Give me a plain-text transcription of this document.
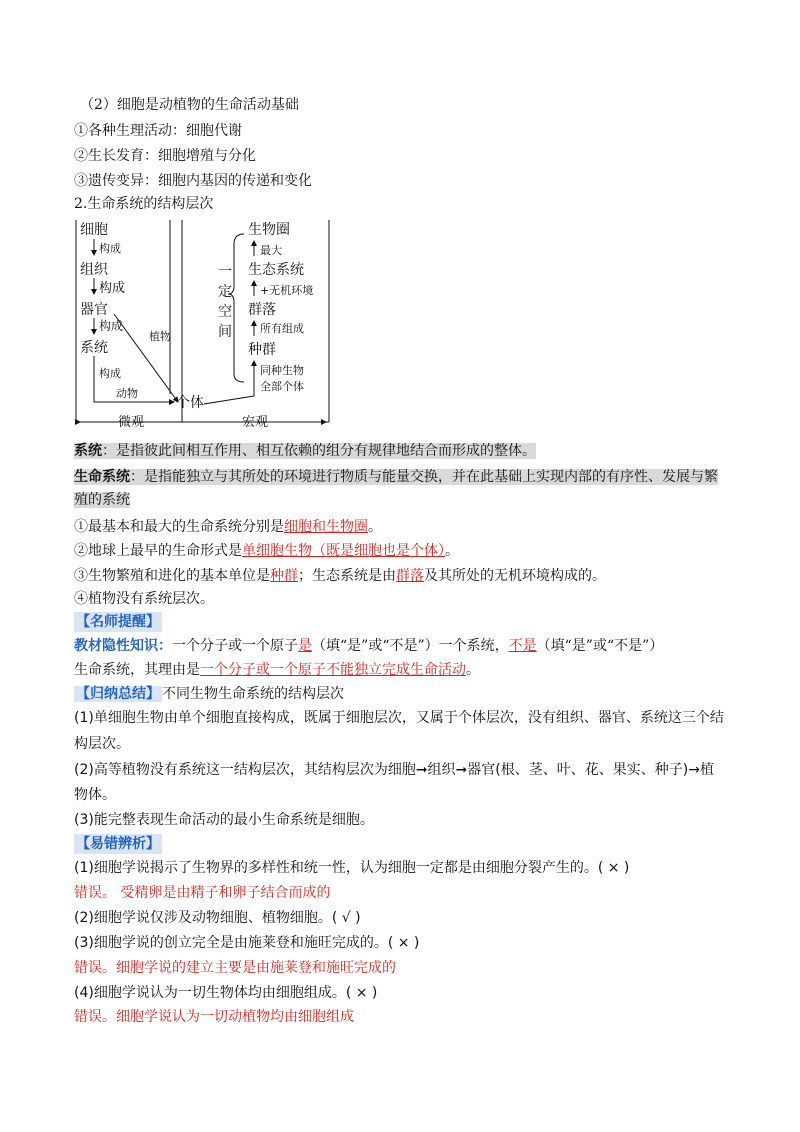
（2）细胞是动植物的生命活动基础
①各种生理活动：细胞代谢
②生长发育：细胞增殖与分化
③遗传变异：细胞内基因的传递和变化
2.生命系统的结构层次
细胞
构成
组织
构成
器官
构成
植物
系统
构成
动物
个体
微观	宏观
一
定
空
间
生物圈
最大
生态系统
+无机环境
群落
所有组成
种群
同种生物
全部个体
系统：是指彼此间相互作用、相互依赖的组分有规律地结合而形成的整体。
生命系统：是指能独立与其所处的环境进行物质与能量交换，并在此基础上实现内部的有序性、发展与繁
殖的系统
①最基本和最大的生命系统分别是细胞和生物圈。
②地球上最早的生命形式是单细胞生物（既是细胞也是个体）。
③生物繁殖和进化的基本单位是种群；生态系统是由群落及其所处的无机环境构成的。
④植物没有系统层次。
【名师提醒】
教材隐性知识：一个分子或一个原子是（填“是”或“不是”）一个系统，不是（填“是”或“不是”）
生命系统，其理由是一个分子或一个原子不能独立完成生命活动。
【归纳总结】 不同生物生命系统的结构层次
(1)单细胞生物由单个细胞直接构成，既属于细胞层次，又属于个体层次，没有组织、器官、系统这三个结
构层次。
(2)高等植物没有系统这一结构层次，其结构层次为细胞➞组织➞器官(根、茎、叶、花、果实、种子)→植
物体。
(3)能完整表现生命活动的最小生命系统是细胞。
【易错辨析】
(1)细胞学说揭示了生物界的多样性和统一性，认为细胞一定都是由细胞分裂产生的。( × )
错误。 受精卵是由精子和卵子结合而成的
(2)细胞学说仅涉及动物细胞、植物细胞。( √ )
(3)细胞学说的创立完全是由施莱登和施旺完成的。( × )
错误。细胞学说的建立主要是由施莱登和施旺完成的
(4)细胞学说认为一切生物体均由细胞组成。( × )
错误。细胞学说认为一切动植物均由细胞组成
